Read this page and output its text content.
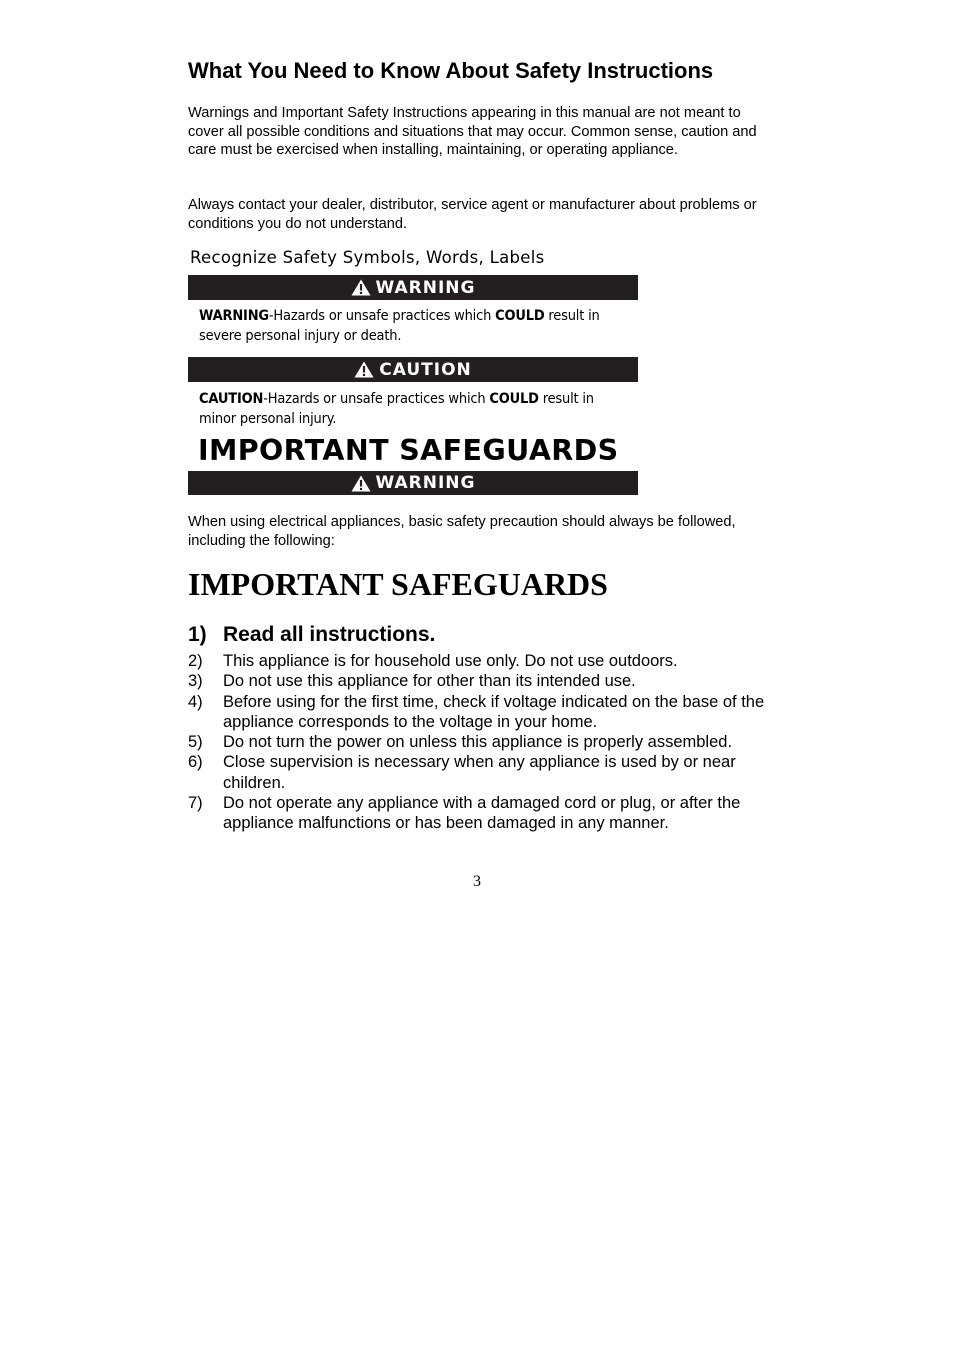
What You Need to Know About Safety Instructions

Warnings and Important Safety Instructions appearing in this manual are not meant to cover all possible conditions and situations that may occur. Common sense, caution and care must be exercised when installing, maintaining, or operating appliance.

Always contact your dealer, distributor, service agent or manufacturer about problems or conditions you do not understand.

Recognize Safety Symbols, Words, Labels

WARNING
WARNING-Hazards or unsafe practices which COULD result in severe personal injury or death.
CAUTION
CAUTION-Hazards or unsafe practices which COULD result in minor personal injury.
IMPORTANT SAFEGUARDS
WARNING

When using electrical appliances, basic safety precaution should always be followed, including the following:

IMPORTANT SAFEGUARDS
1) Read all instructions.
2)	This appliance is for household use only. Do not use outdoors.
3)	Do not use this appliance for other than its intended use.
4)	Before using for the first time, check if voltage indicated on the base of the appliance corresponds to the voltage in your home.
5)	Do not turn the power on unless this appliance is properly assembled.
6)	Close supervision is necessary when any appliance is used by or near children.
7)	Do not operate any appliance with a damaged cord or plug, or after the appliance malfunctions or has been damaged in any manner.
3
